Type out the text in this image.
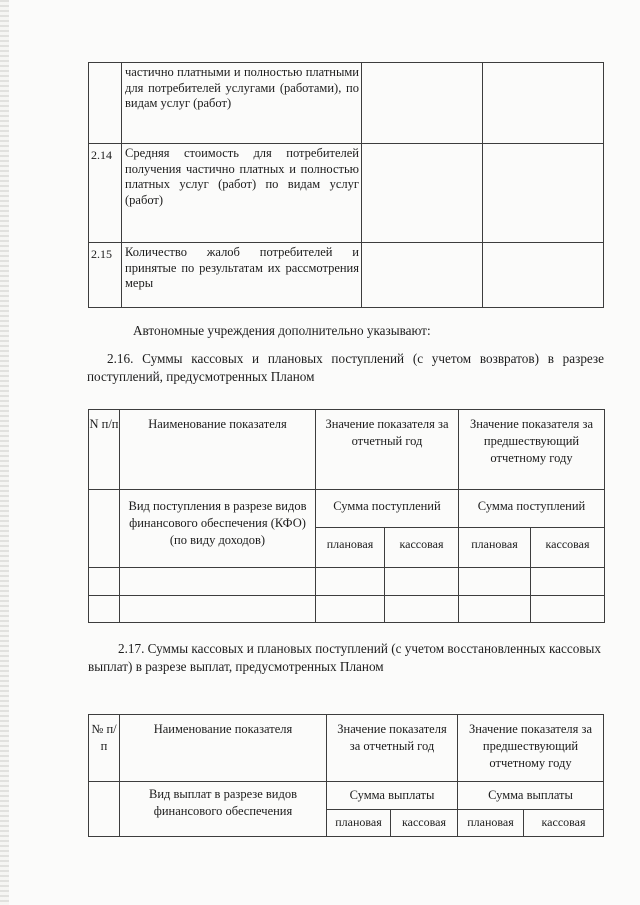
	частично платными и полностью платными для потребителей услугами (работами), по видам услуг (работ)		
2.14	Средняя стоимость для потребителей получения частично платных и полностью платных услуг (работ) по видам услуг (работ)		
2.15	Количество жалоб потребителей и принятые по результатам их рассмотрения меры		

Автономные учреждения дополнительно указывают:

2.16. Суммы кассовых и плановых поступлений (с учетом возвратов) в разрезе поступлений, предусмотренных Планом

N п/п	Наименование показателя	Значение показателя за отчетный год		Значение показателя за предшествующий отчетному году	
	Вид поступления в разрезе видов финансового обеспечения (КФО) (по виду доходов)	Сумма поступлений		Сумма поступлений	
		плановая	кассовая	плановая	кассовая

2.17. Суммы кассовых и плановых поступлений (с учетом восстановленных кассовых выплат) в разрезе выплат, предусмотренных Планом

№ п/п	Наименование показателя	Значение показателя за отчетный год		Значение показателя за предшествующий отчетному году	
	Вид выплат в разрезе видов финансового обеспечения	Сумма выплаты		Сумма выплаты	
		плановая	кассовая	плановая	кассовая
